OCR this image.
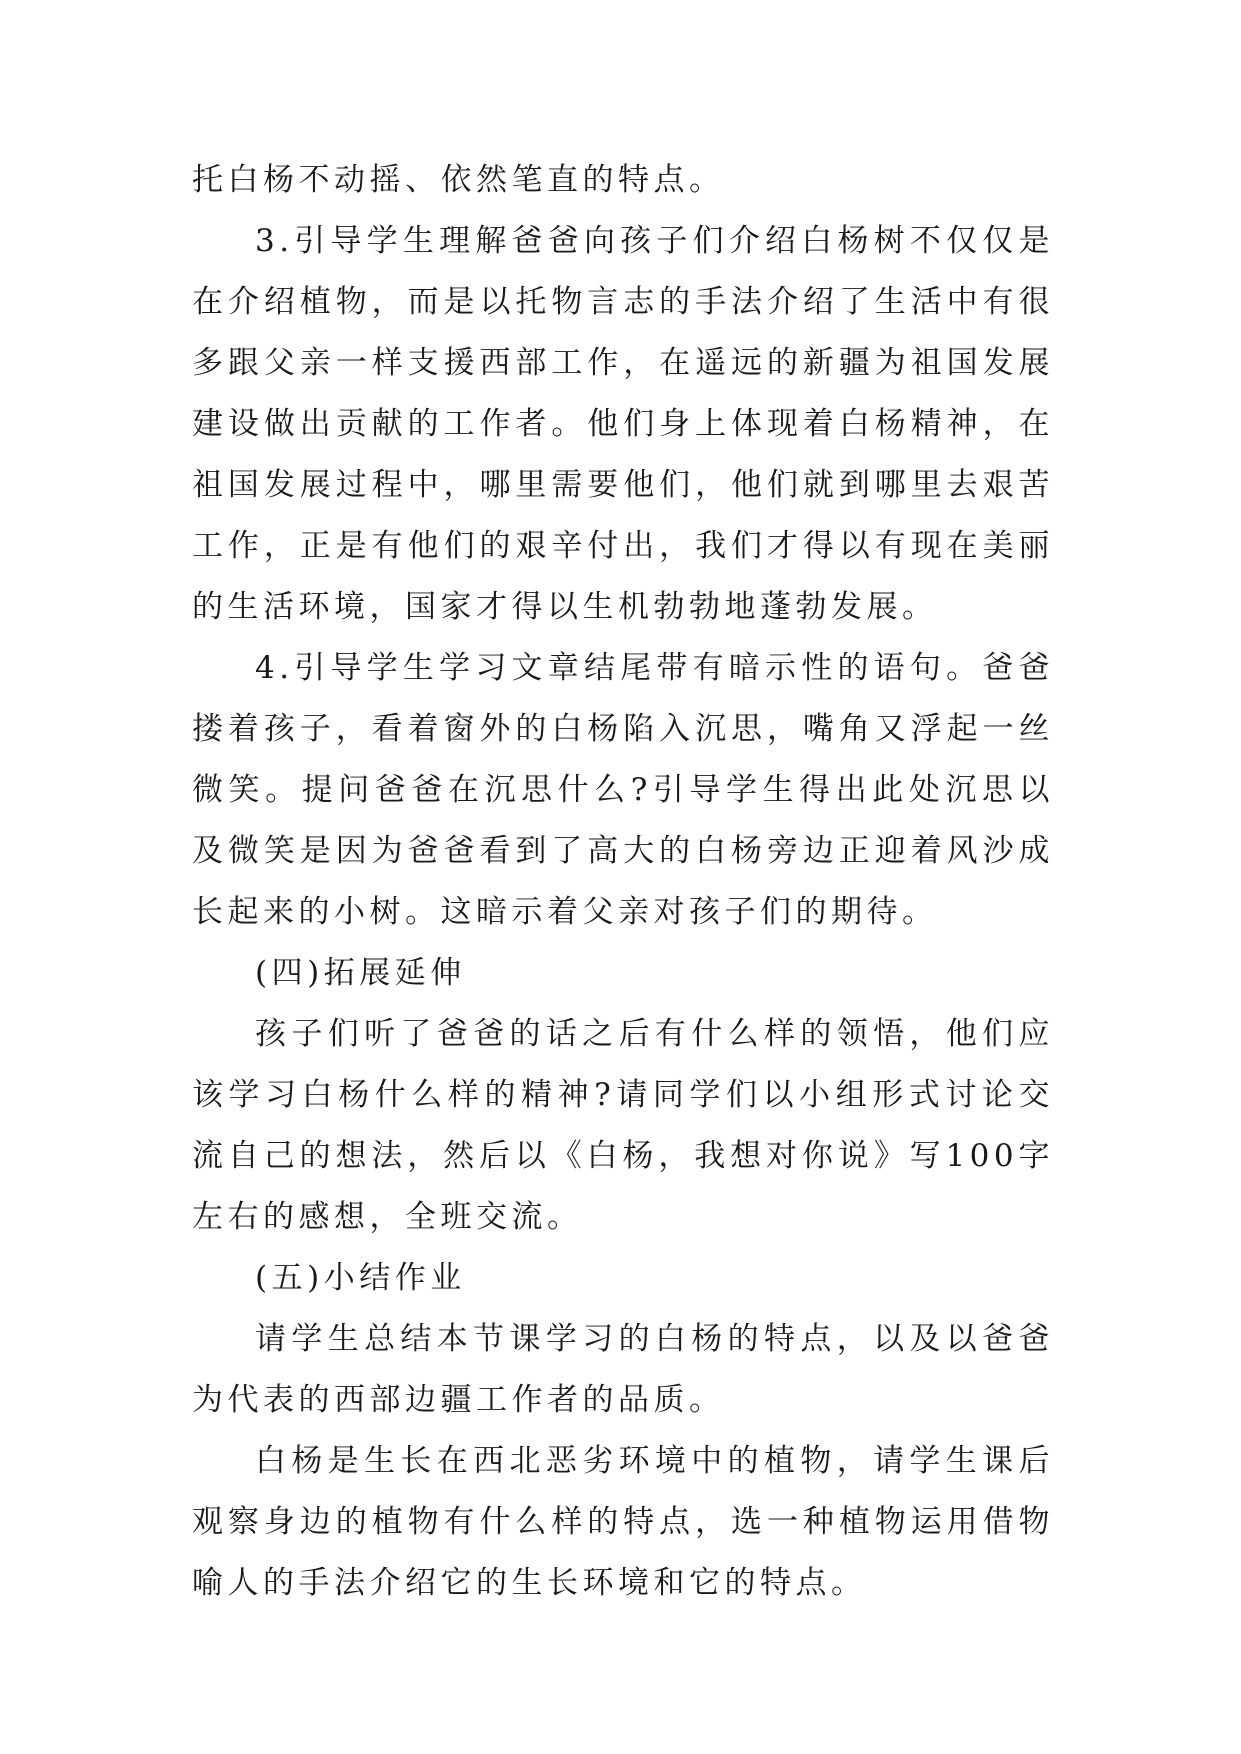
托白杨不动摇、依然笔直的特点。

3.引导学生理解爸爸向孩子们介绍白杨树不仅仅是在介绍植物，而是以托物言志的手法介绍了生活中有很多跟父亲一样支援西部工作，在遥远的新疆为祖国发展建设做出贡献的工作者。他们身上体现着白杨精神，在祖国发展过程中，哪里需要他们，他们就到哪里去艰苦工作，正是有他们的艰辛付出，我们才得以有现在美丽的生活环境，国家才得以生机勃勃地蓬勃发展。

4.引导学生学习文章结尾带有暗示性的语句。爸爸搂着孩子，看着窗外的白杨陷入沉思，嘴角又浮起一丝微笑。提问爸爸在沉思什么?引导学生得出此处沉思以及微笑是因为爸爸看到了高大的白杨旁边正迎着风沙成长起来的小树。这暗示着父亲对孩子们的期待。

(四)拓展延伸

孩子们听了爸爸的话之后有什么样的领悟，他们应该学习白杨什么样的精神?请同学们以小组形式讨论交流自己的想法，然后以《白杨，我想对你说》写100字左右的感想，全班交流。

(五)小结作业

请学生总结本节课学习的白杨的特点，以及以爸爸为代表的西部边疆工作者的品质。

白杨是生长在西北恶劣环境中的植物，请学生课后观察身边的植物有什么样的特点，选一种植物运用借物喻人的手法介绍它的生长环境和它的特点。
